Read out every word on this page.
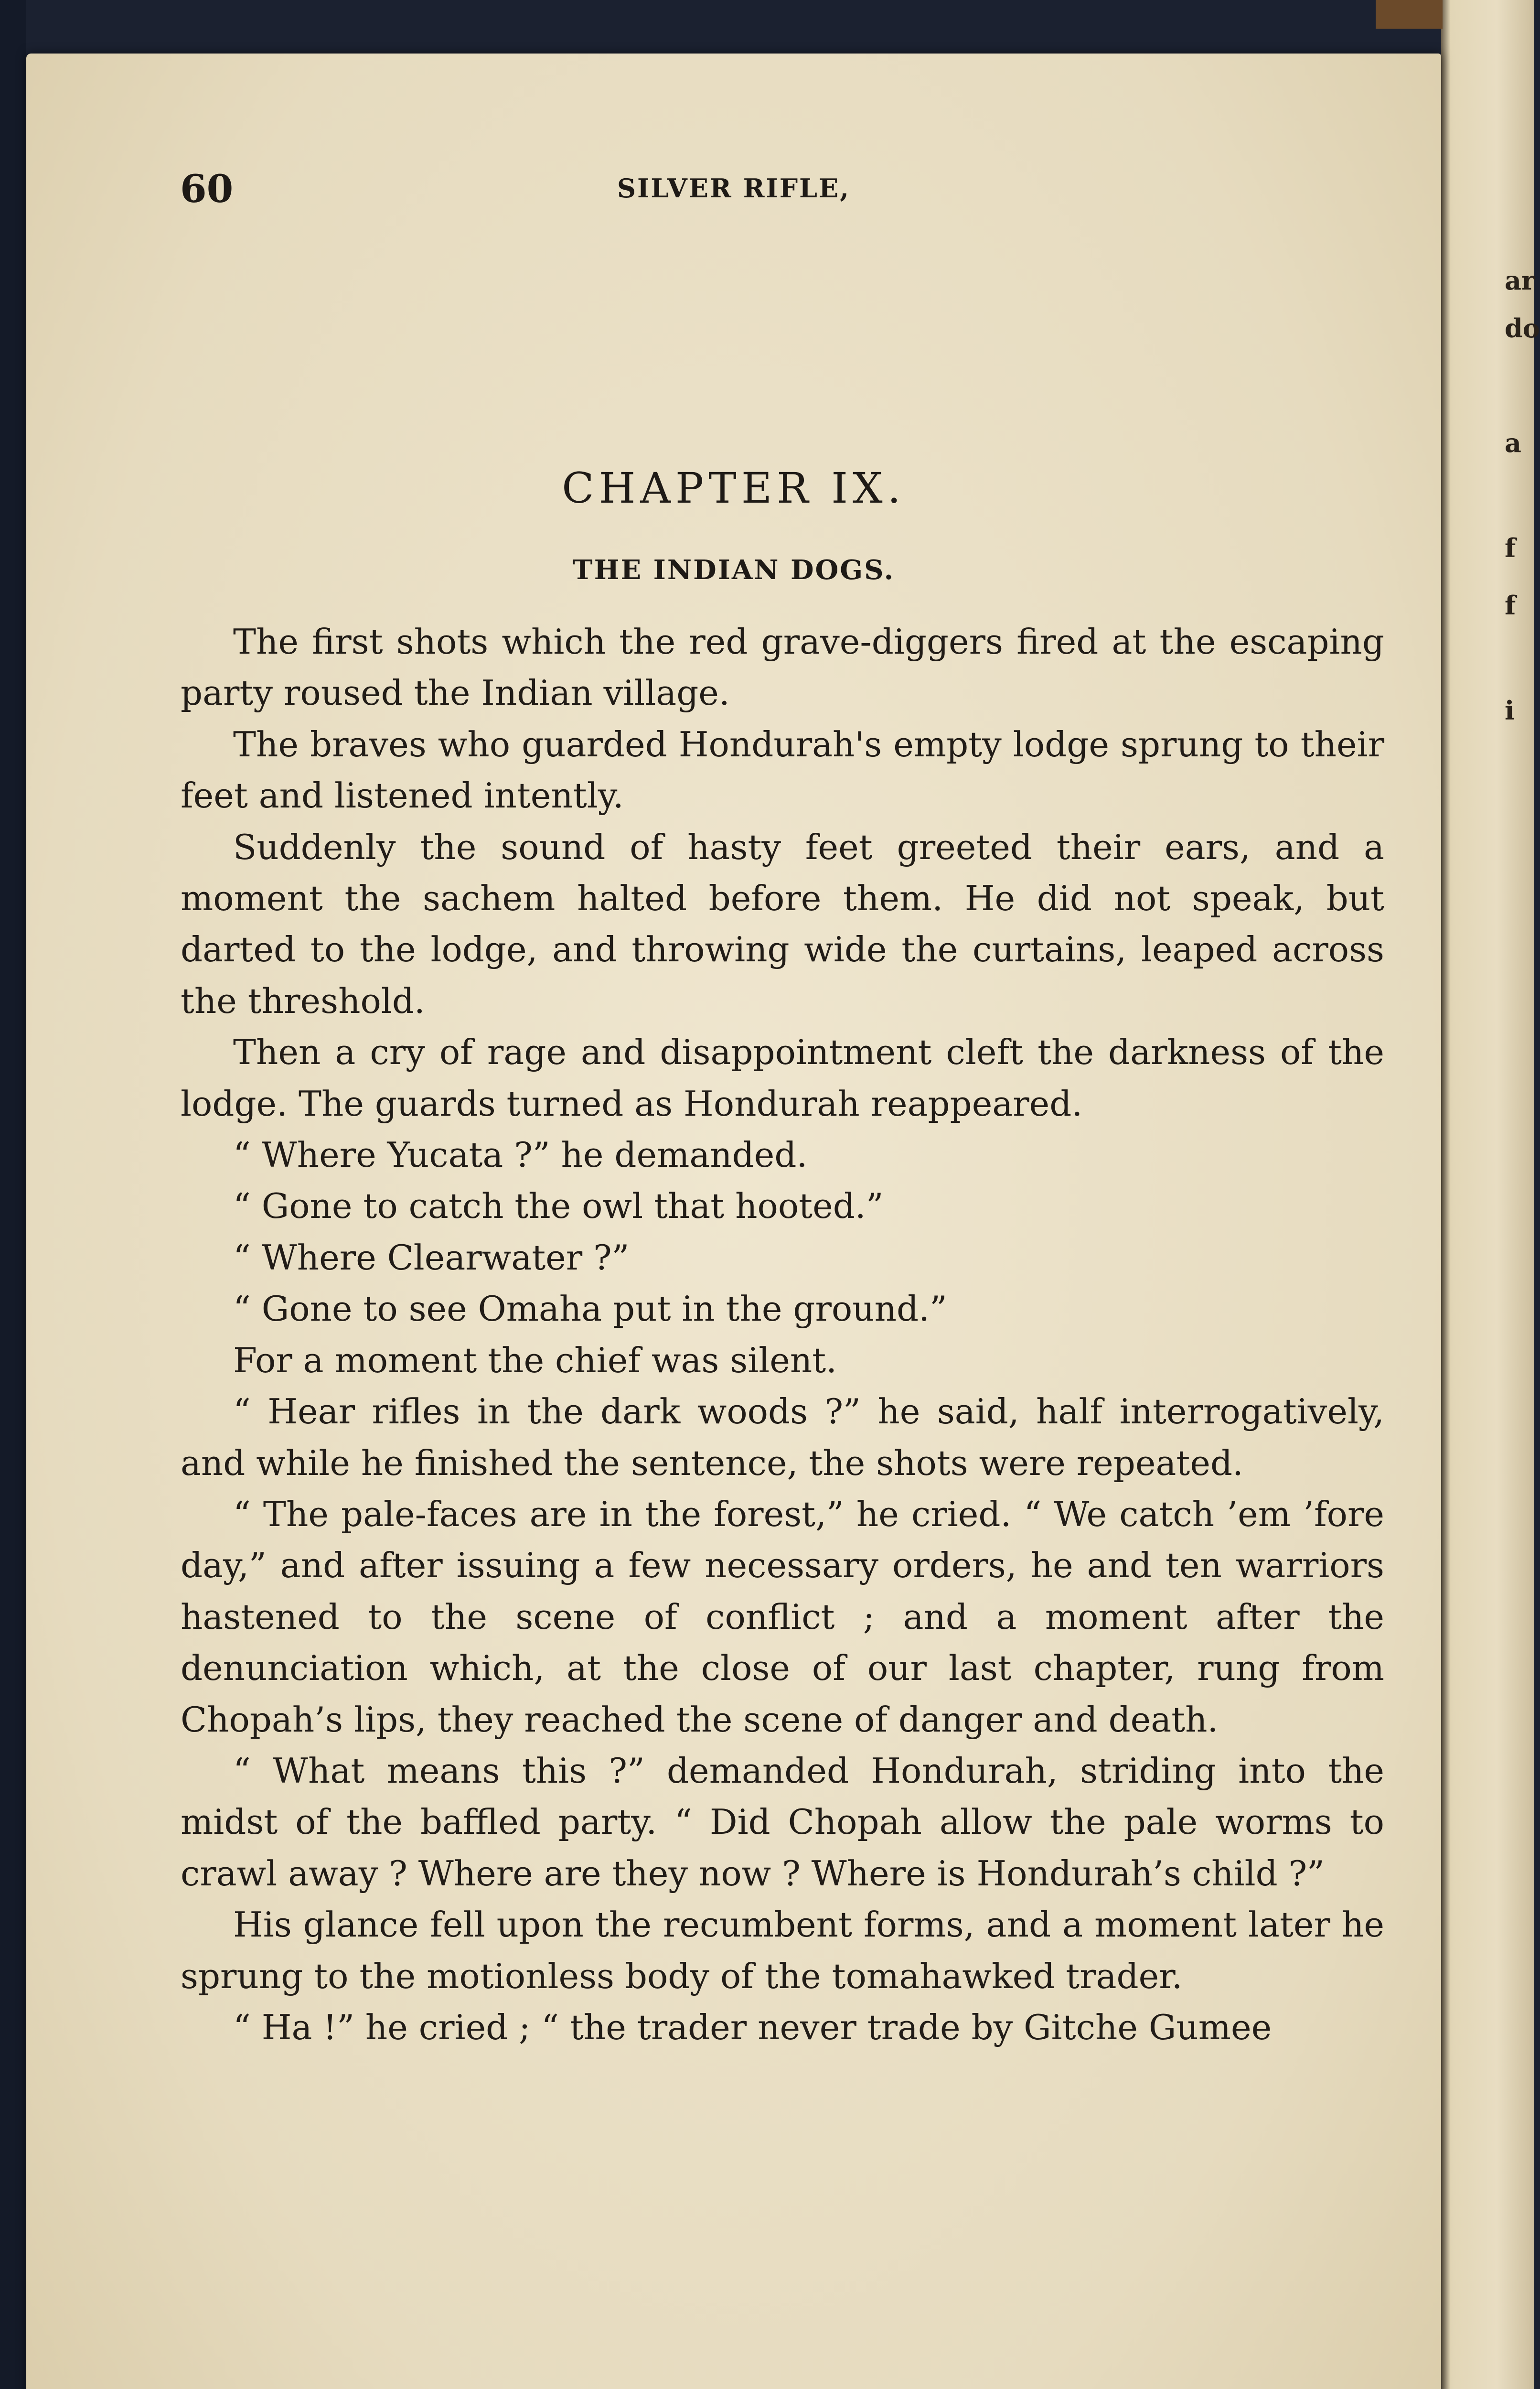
60	SILVER RIFLE,
CHAPTER IX.
THE INDIAN DOGS.

The first shots which the red grave-diggers fired at the escaping party roused the Indian village.

The braves who guarded Hondurah's empty lodge sprung to their feet and listened intently.

Suddenly the sound of hasty feet greeted their ears, and a moment the sachem halted before them. He did not speak, but darted to the lodge, and throwing wide the curtains, leaped across the threshold.

Then a cry of rage and disappointment cleft the darkness of the lodge. The guards turned as Hondurah reappeared.

“ Where Yucata ?” he demanded.

“ Gone to catch the owl that hooted.”

“ Where Clearwater ?”

“ Gone to see Omaha put in the ground.”

For a moment the chief was silent.

“ Hear rifles in the dark woods ?” he said, half interrogatively, and while he finished the sentence, the shots were repeated.

“ The pale-faces are in the forest,” he cried. “ We catch ’em ’fore day,” and after issuing a few necessary orders, he and ten warriors hastened to the scene of conflict ; and a moment after the denunciation which, at the close of our last chapter, rung from Chopah’s lips, they reached the scene of danger and death.

“ What means this ?” demanded Hondurah, striding into the midst of the baffled party. “ Did Chopah allow the pale worms to crawl away ? Where are they now ? Where is Hondurah’s child ?”

His glance fell upon the recumbent forms, and a moment later he sprung to the motionless body of the tomahawked trader.

“ Ha !” he cried ; “ the trader never trade by Gitche Gumee

ar
do
a
f
f
i
